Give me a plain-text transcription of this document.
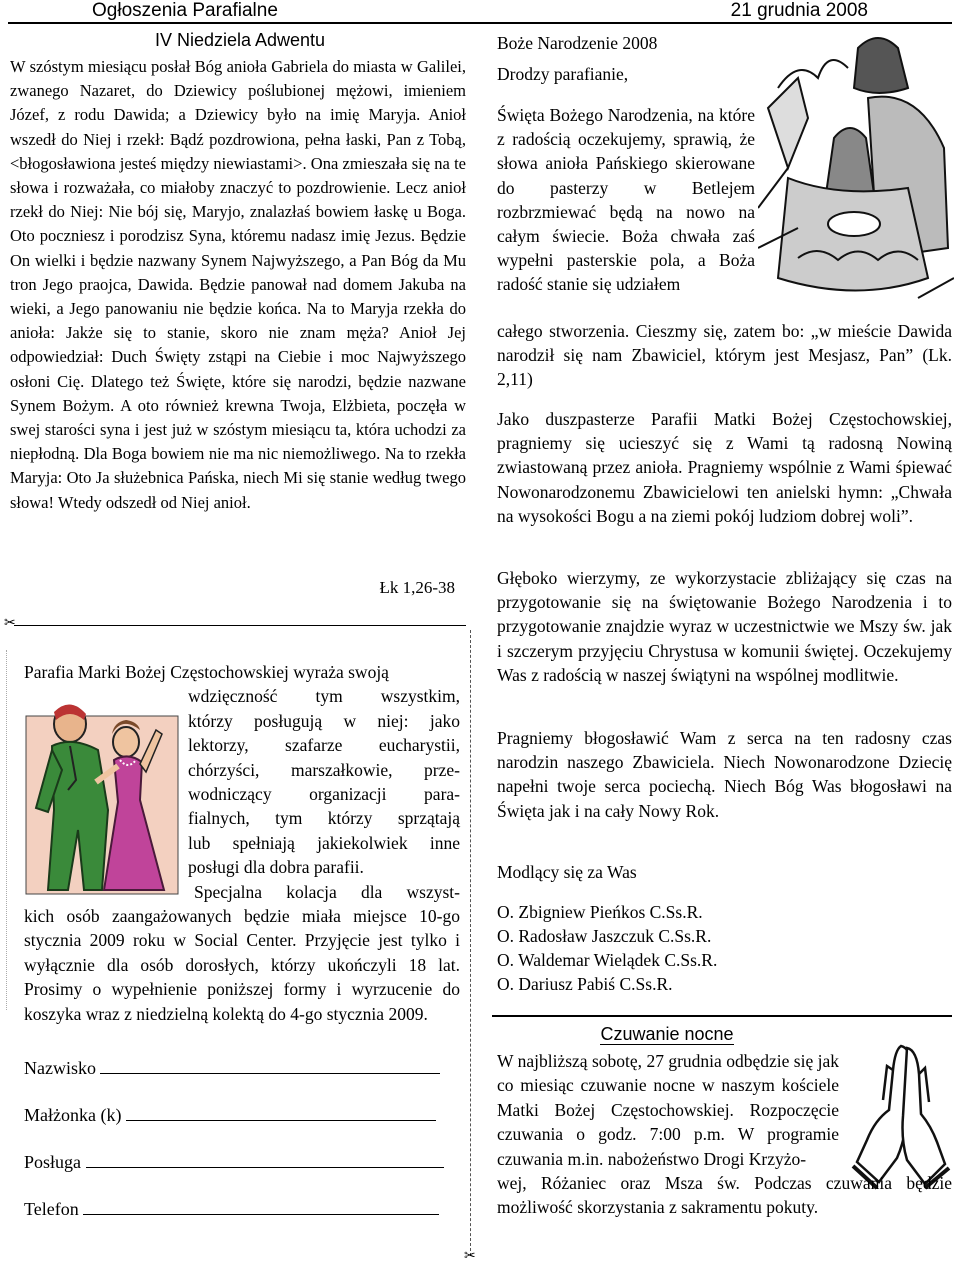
Ogłoszenia Parafialne	21 grudnia 2008
IV Niedziela Adwentu
W szóstym miesiącu posłał Bóg anioła Gabriela do miasta w Galilei, zwanego Nazaret, do Dziewicy poślubionej mężowi, imieniem Józef, z rodu Dawida; a Dziewicy było na imię Maryja. Anioł wszedł do Niej i rzekł: Bądź pozdrowiona, pełna łaski, Pan z Tobą, <błogosławiona jesteś między niewiastami>. Ona zmieszała się na te słowa i rozważała, co miałoby znaczyć to pozdrowienie. Lecz anioł rzekł do Niej: Nie bój się, Maryjo, znalazłaś bowiem łaskę u Boga. Oto poczniesz i porodzisz Syna, któremu nadasz imię Jezus. Będzie On wielki i będzie nazwany Synem Najwyższego, a Pan Bóg da Mu tron Jego praojca, Dawida. Będzie panował nad domem Jakuba na wieki, a Jego panowaniu nie będzie końca. Na to Maryja rzekła do anioła: Jakże się to stanie, skoro nie znam męża? Anioł Jej odpowiedział: Duch Święty zstąpi na Ciebie i moc Najwyższego osłoni Cię. Dlatego też Święte, które się narodzi, będzie nazwane Synem Bożym. A oto również krewna Twoja, Elżbieta, poczęła w swej starości syna i jest już w szóstym miesiącu ta, która uchodzi za niepłodną. Dla Boga bowiem nie ma nic niemożliwego. Na to rzekła Maryja: Oto Ja służebnica Pańska, niech Mi się stanie według twego słowa! Wtedy odszedł od Niej anioł.
Łk 1,26-38
✂
✂
Parafia Marki Bożej Częstochowskiej wyraża swoją
wdzięczność tym wszystkim,
którzy posługują w niej: jako
lektorzy, szafarze eucharystii,
chórzyści, marszałkowie, prze-
wodniczący organizacji para-
fialnych, tym którzy sprzątają
lub spełniają jakiekolwiek inne
posługi dla dobra parafii.
Specjalna kolacja dla wszyst-
kich osób zaangażowanych będzie miała miejsce 10-go stycznia 2009 roku w Social Center. Przyjęcie jest tylko i wyłącznie dla osób dorosłych, którzy ukończyli 18 lat. Prosimy o wypełnienie poniższej formy i wyrzucenie do koszyka wraz z niedzielną kolektą do 4-go stycznia 2009.
Nazwisko
Małżonka (k)
Posługa
Telefon
Boże Narodzenie 2008
Drodzy parafianie,
Święta Bożego Narodzenia, na które z radością oczekujemy, sprawią, że słowa anioła Pańskiego skierowane do pasterzy w Betlejem rozbrzmiewać będą na nowo na całym świecie. Boża chwała zaś wypełni pasterskie pola, a Boża radość stanie się udziałem
całego stworzenia. Cieszmy się, zatem bo: „w mieście Dawida narodził się nam Zbawiciel, którym jest Mesjasz, Pan” (Lk. 2,11)
Jako duszpasterze Parafii Matki Bożej Częstochowskiej, pragniemy się ucieszyć się z Wami tą radosną Nowiną zwiastowaną przez anioła. Pragniemy wspólnie z Wami śpiewać Nowonarodzonemu Zbawicielowi ten anielski hymn: „Chwała na wysokości Bogu a na ziemi pokój ludziom dobrej woli”.
Głęboko wierzymy, ze wykorzystacie zbliżający się czas na przygotowanie się na świętowanie Bożego Narodzenia i to przygotowanie znajdzie wyraz w uczestnictwie we Mszy św. jak i szczerym przyjęciu Chrystusa w komunii świętej. Oczekujemy Was z radością w naszej świątyni na wspólnej modlitwie.
Pragniemy błogosławić Wam z serca na ten radosny czas narodzin naszego Zbawiciela. Niech Nowonarodzone Dziecię napełni twoje serca pociechą. Niech Bóg Was błogosławi na Święta jak i na cały Nowy Rok.
Modlący się za Was
O. Zbigniew Pieńkos C.Ss.R.
O. Radosław Jaszczuk C.Ss.R.
O. Waldemar Wielądek C.Ss.R.
O. Dariusz Pabiś C.Ss.R.
Czuwanie nocne
W najbliższą sobotę, 27 grudnia odbędzie się jak co miesiąc czuwanie nocne w naszym kościele Matki Bożej Częstochowskiej. Rozpoczęcie czuwania o godz. 7:00 p.m. W programie czuwania m.in. nabożeństwo Drogi Krzyżo-
wej, Różaniec oraz Msza św. Podczas czuwania będzie możliwość skorzystania z sakramentu pokuty.
